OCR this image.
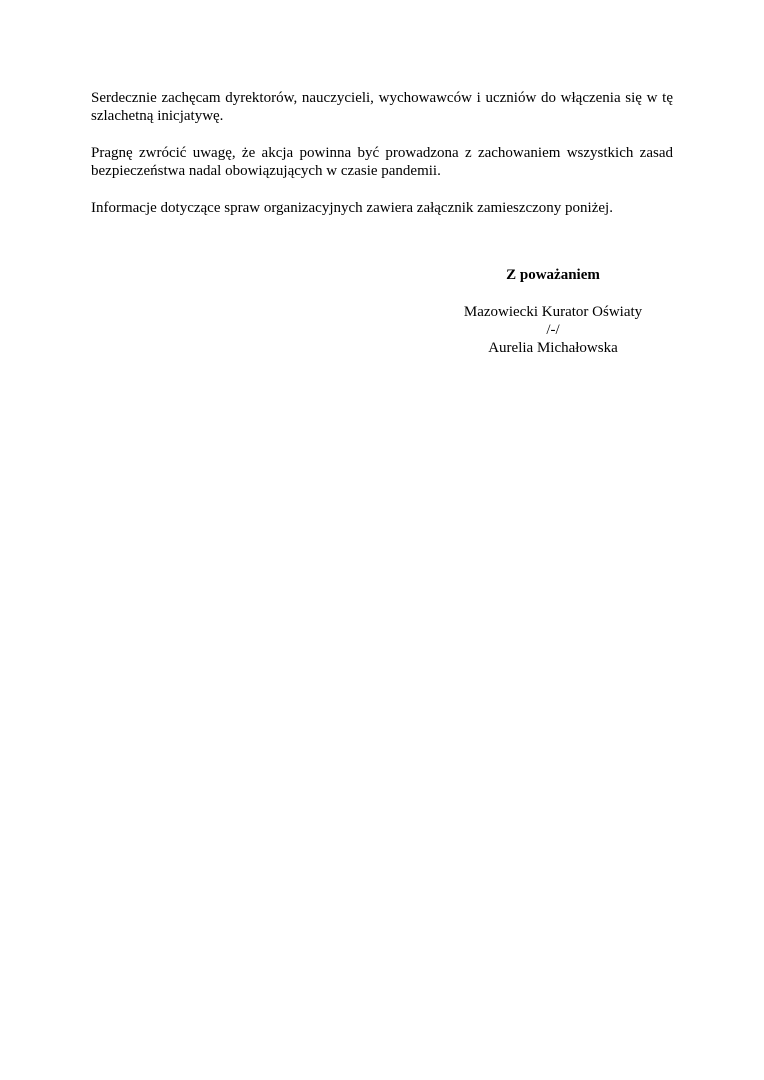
Serdecznie zachęcam dyrektorów, nauczycieli, wychowawców i uczniów do włączenia się w tę szlachetną inicjatywę.

Pragnę zwrócić uwagę, że akcja powinna być prowadzona z zachowaniem wszystkich zasad bezpieczeństwa nadal obowiązujących w czasie pandemii.

Informacje dotyczące spraw organizacyjnych zawiera załącznik zamieszczony poniżej.

Z poważaniem

Mazowiecki Kurator Oświaty

/-/

Aurelia Michałowska
